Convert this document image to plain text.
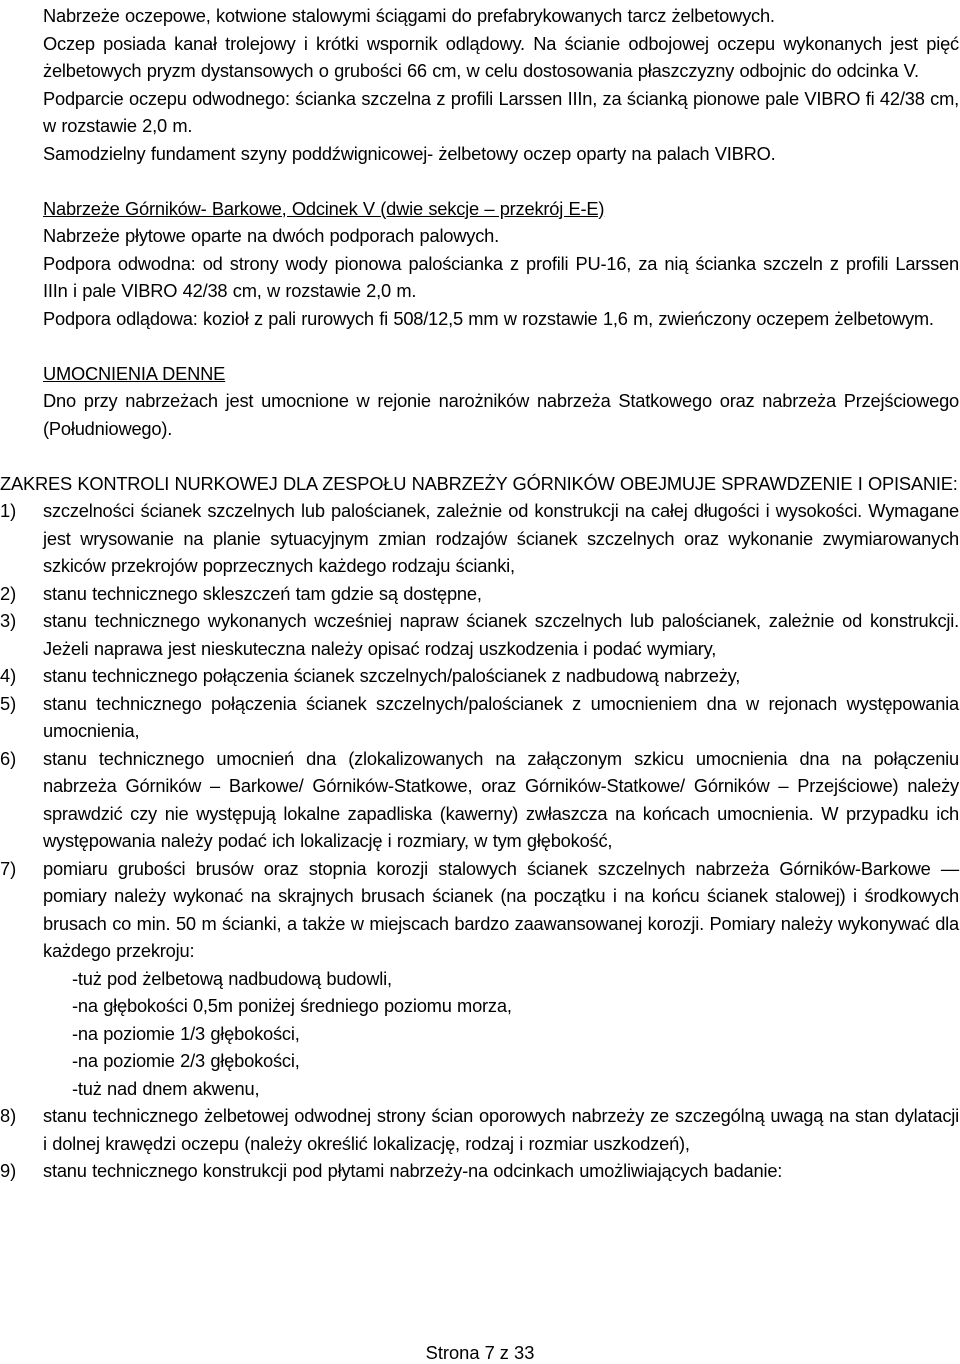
Nabrzeże oczepowe, kotwione stalowymi ściągami do prefabrykowanych tarcz żelbetowych.

Oczep posiada kanał trolejowy i krótki wspornik odlądowy. Na ścianie odbojowej oczepu wykonanych jest pięć żelbetowych pryzm dystansowych o grubości 66 cm, w celu dostosowania płaszczyzny odbojnic do odcinka V.

Podparcie oczepu odwodnego: ścianka szczelna z profili Larssen IIIn, za ścianką pionowe pale VIBRO fi 42/38 cm, w rozstawie 2,0 m.

Samodzielny fundament szyny poddźwignicowej- żelbetowy oczep oparty na palach VIBRO.

Nabrzeże Górników- Barkowe, Odcinek V (dwie sekcje – przekrój E-E)

Nabrzeże płytowe oparte na dwóch podporach palowych.

Podpora odwodna: od strony wody pionowa palościanka z profili PU-16, za nią ścianka szczeln z profili Larssen IIIn i pale VIBRO 42/38 cm, w rozstawie 2,0 m.

Podpora odlądowa: kozioł z pali rurowych fi 508/12,5 mm w rozstawie 1,6 m, zwieńczony oczepem żelbetowym.

UMOCNIENIA DENNE

Dno przy nabrzeżach jest umocnione w rejonie narożników nabrzeża Statkowego oraz nabrzeża Przejściowego (Południowego).

ZAKRES KONTROLI NURKOWEJ DLA ZESPOŁU NABRZEŻY GÓRNIKÓW OBEJMUJE SPRAWDZENIE I OPISANIE:

1) szczelności ścianek szczelnych lub palościanek, zależnie od konstrukcji na całej długości i wysokości. Wymagane jest wrysowanie na planie sytuacyjnym zmian rodzajów ścianek szczelnych oraz wykonanie zwymiarowanych szkiców przekrojów poprzecznych każdego rodzaju ścianki,

2) stanu technicznego skleszczeń tam gdzie są dostępne,

3) stanu technicznego wykonanych wcześniej napraw ścianek szczelnych lub palościanek, zależnie od konstrukcji. Jeżeli naprawa jest nieskuteczna należy opisać rodzaj uszkodzenia i podać wymiary,

4) stanu technicznego połączenia ścianek szczelnych/palościanek z nadbudową nabrzeży,

5) stanu technicznego połączenia ścianek szczelnych/palościanek z umocnieniem dna w rejonach występowania umocnienia,

6) stanu technicznego umocnień dna (zlokalizowanych na załączonym szkicu umocnienia dna na połączeniu nabrzeża Górników – Barkowe/ Górników-Statkowe, oraz Górników-Statkowe/ Górników – Przejściowe) należy sprawdzić czy nie występują lokalne zapadliska (kawerny) zwłaszcza na końcach umocnienia. W przypadku ich występowania należy podać ich lokalizację i rozmiary, w tym głębokość,

7) pomiaru grubości brusów oraz stopnia korozji stalowych ścianek szczelnych nabrzeża Górników-Barkowe — pomiary należy wykonać na skrajnych brusach ścianek (na początku i na końcu ścianek stalowej) i środkowych brusach co min. 50 m ścianki, a także w miejscach bardzo zaawansowanej korozji. Pomiary należy wykonywać dla każdego przekroju:

-tuż pod żelbetową nadbudową budowli,

-na głębokości 0,5m poniżej średniego poziomu morza,

-na poziomie 1/3 głębokości,

-na poziomie 2/3 głębokości,

-tuż nad dnem akwenu,

8) stanu technicznego żelbetowej odwodnej strony ścian oporowych nabrzeży ze szczególną uwagą na stan dylatacji i dolnej krawędzi oczepu (należy określić lokalizację, rodzaj i rozmiar uszkodzeń),

9) stanu technicznego konstrukcji pod płytami nabrzeży-na odcinkach umożliwiających badanie:

Strona 7 z 33
